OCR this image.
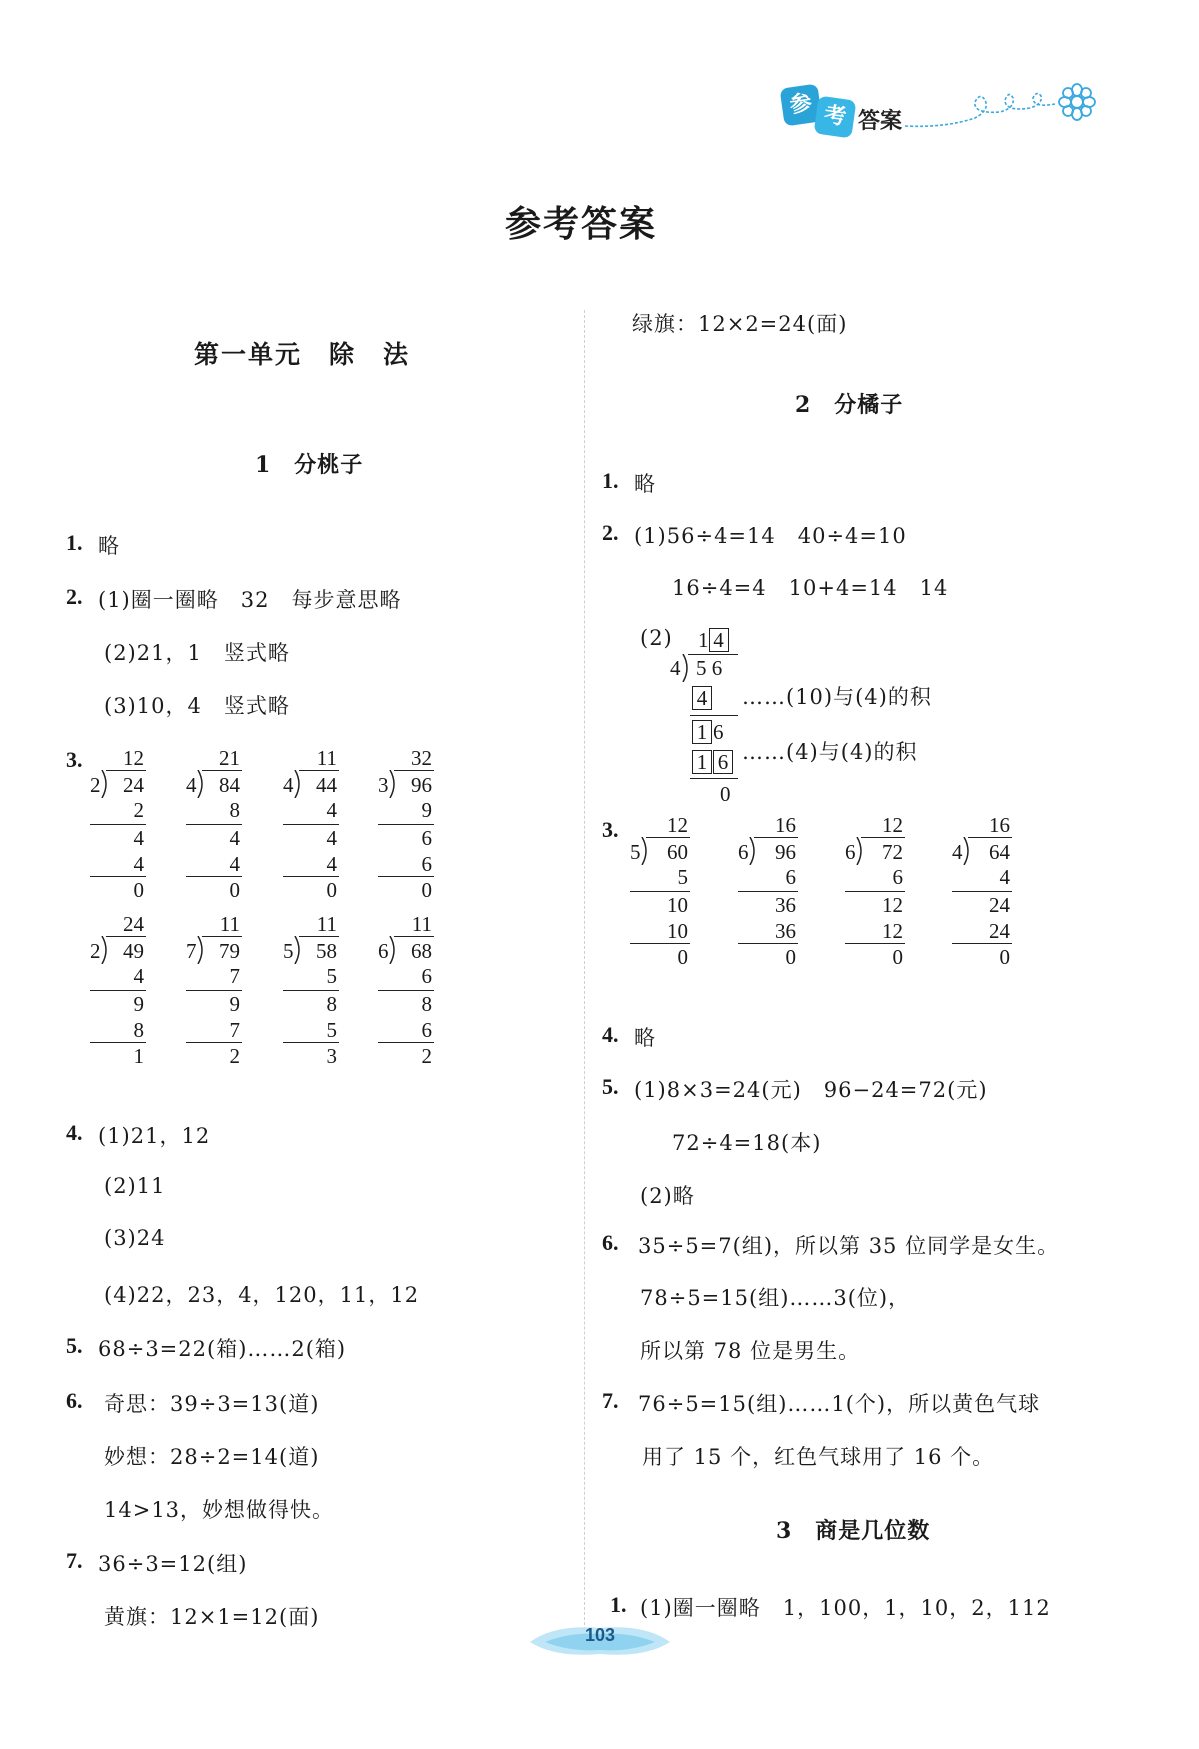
参 考 答案
参考答案
第一单元　除　法
1　分桃子
1. 略
2. (1)圈一圈略　32　每步意思略
(2)21，1　竖式略
(3)10，4　竖式略
3. 12
24
2
4
4
0
2
21
84
8
4
4
0
4
11
44
4
4
4
0
4
32
96
9
6
6
0
3
24
49
4
9
8
1
2
11
79
7
9
7
2
7
11
58
5
8
5
3
5
11
68
6
8
6
2
6
4. (1)21，12
(2)11
(3)24
(4)22，23，4，120，11，12
5. 68÷3=22(箱)……2(箱)
6. 奇思：39÷3=13(道)
妙想：28÷2=14(道)
14>13，妙想做得快。
7. 36÷3=12(组)
黄旗：12×1=12(面)
绿旗：12×2=24(面)
2　分橘子
1. 略
2. (1)56÷4=14　40÷4=10
16÷4=4　10+4=14　14
(2) 1 4
4 5 6
4
1 6
1 6
0
……(10)与(4)的积
……(4)与(4)的积
3. 12
60
5
10
10
0
5
16
96
6
36
36
0
6
12
72
6
12
12
0
6
16
64
4
24
24
0
4
4. 略
5. (1)8×3=24(元)　96−24=72(元)
72÷4=18(本)
(2)略
6. 35÷5=7(组)，所以第 35 位同学是女生。
78÷5=15(组)……3(位)，
所以第 78 位是男生。
7. 76÷5=15(组)……1(个)，所以黄色气球
用了 15 个，红色气球用了 16 个。
3　商是几位数
1. (1)圈一圈略　1，100，1，10，2，112
103
